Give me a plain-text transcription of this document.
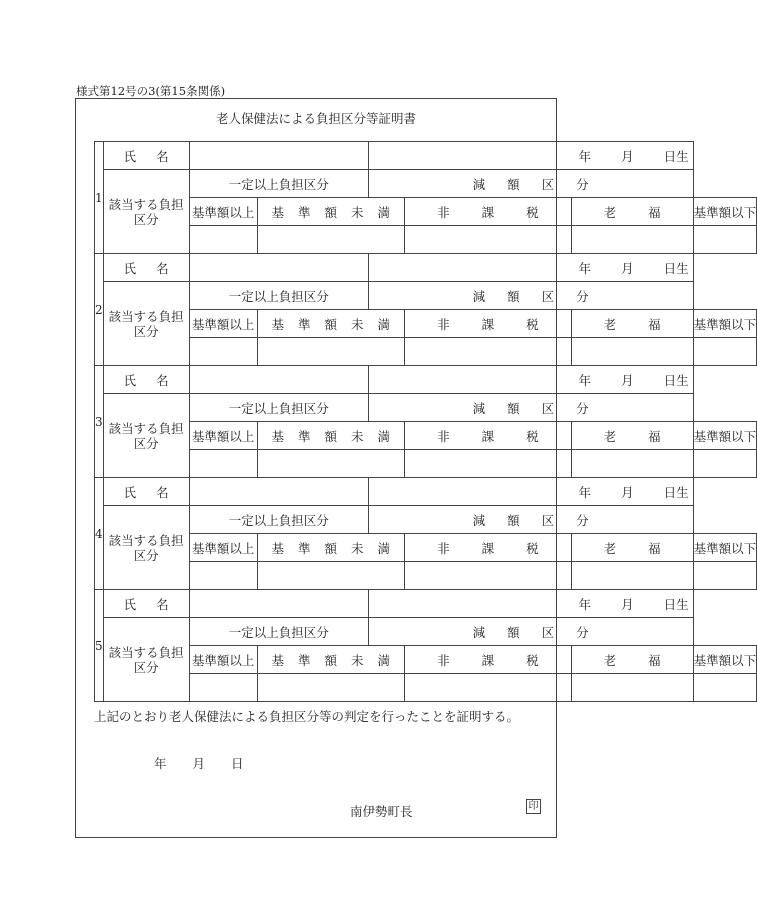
様式第12号の3(第15条関係)
老人保健法による負担区分等証明書
1	氏名			年 月 日生			
	該当する負担区分	一定以上負担区分		減額区分			
		基準額以上	基準額未満		非課税	老福	基準額以下

2	氏名			年 月 日生			
	該当する負担区分	一定以上負担区分		減額区分			
		基準額以上	基準額未満		非課税	老福	基準額以下

3	氏名			年 月 日生			
	該当する負担区分	一定以上負担区分		減額区分			
		基準額以上	基準額未満		非課税	老福	基準額以下

4	氏名			年 月 日生			
	該当する負担区分	一定以上負担区分		減額区分			
		基準額以上	基準額未満		非課税	老福	基準額以下

5	氏名			年 月 日生			
	該当する負担区分	一定以上負担区分		減額区分			
		基準額以上	基準額未満		非課税	老福	基準額以下

上記のとおり老人保健法による負担区分等の判定を行ったことを証明する。
年 月 日
南伊勢町長	印
